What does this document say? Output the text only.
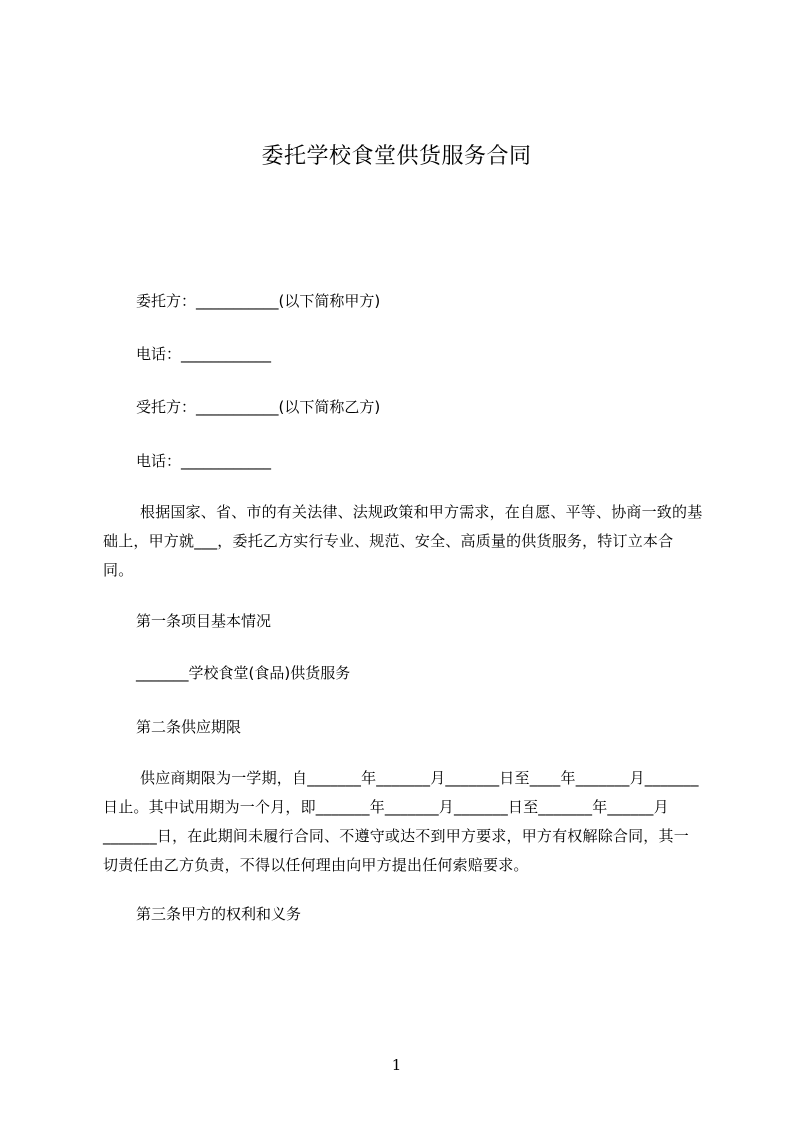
委托学校食堂供货服务合同

委托方：___________(以下简称甲方)

电话：____________

受托方：___________(以下简称乙方)

电话：____________

根据国家、省、市的有关法律、法规政策和甲方需求，在自愿、平等、协商一致的基础上，甲方就___，委托乙方实行专业、规范、安全、高质量的供货服务，特订立本合同。

第一条项目基本情况

_______学校食堂(食品)供货服务

第二条供应期限

供应商期限为一学期，自_______年_______月_______日至____年_______月_______日止。其中试用期为一个月，即_______年_______月_______日至_______年______月_______日，在此期间未履行合同、不遵守或达不到甲方要求，甲方有权解除合同，其一切责任由乙方负责，不得以任何理由向甲方提出任何索赔要求。

第三条甲方的权利和义务

1
